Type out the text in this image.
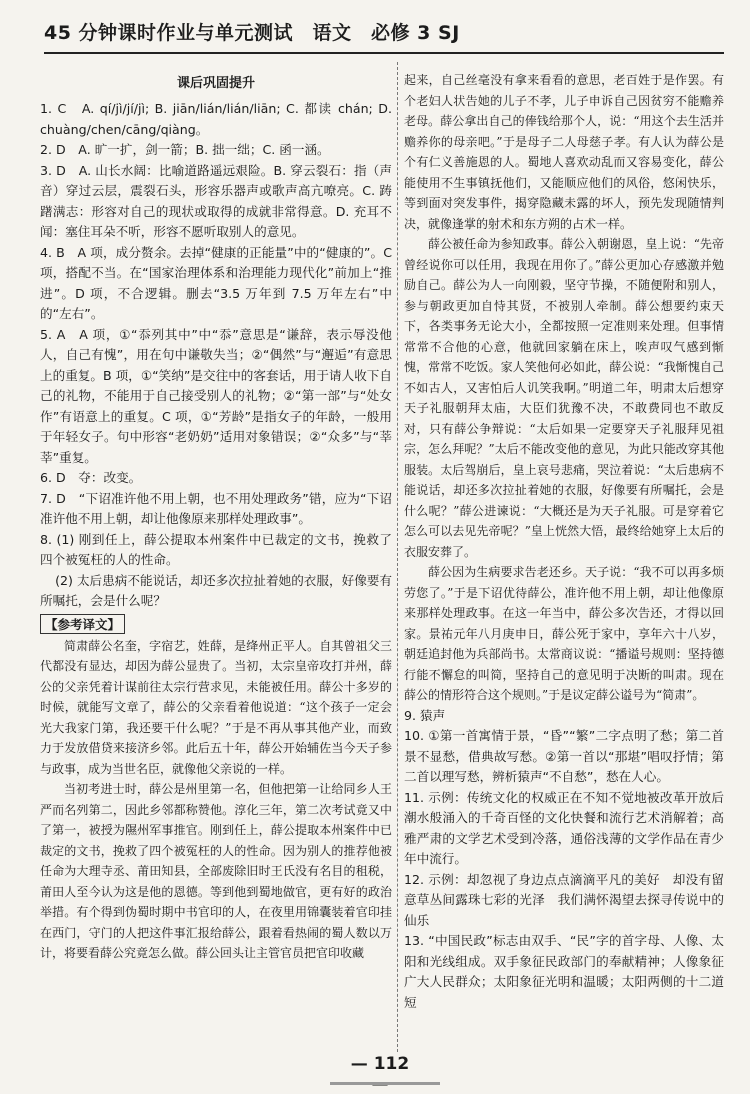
45 分钟课时作业与单元测试　语文　必修 3 SJ
课后巩固提升

1. C　A. qí/jì/jí/jì; B. jiān/lián/lián/liān; C. 都读 chán; D. chuàng/chen/cāng/qiàng。

2. D　A. 旷一扩，剑一箭；B. 拙一绌；C. 函一涵。

3. D　A. 山长水阔：比喻道路遥远艰险。B. 穿云裂石：指（声音）穿过云层，震裂石头，形容乐器声或歌声高亢嘹亮。C. 踌躇满志：形容对自己的现状或取得的成就非常得意。D. 充耳不闻：塞住耳朵不听，形容不愿听取别人的意见。

4. B　A 项，成分赘余。去掉“健康的正能量”中的“健康的”。C 项，搭配不当。在“国家治理体系和治理能力现代化”前加上“推进”。D 项，不合逻辑。删去“3.5 万年到 7.5 万年左右”中的“左右”。

5. A　A 项，①“忝列其中”中“忝”意思是“谦辞，表示辱没他人，自己有愧”，用在句中谦敬失当；②“偶然”与“邂逅”有意思上的重复。B 项，①“笑纳”是交往中的客套话，用于请人收下自己的礼物，不能用于自己接受别人的礼物；②“第一部”与“处女作”有语意上的重复。C 项，①“芳龄”是指女子的年龄，一般用于年轻女子。句中形容“老奶奶”适用对象错误；②“众多”与“莘莘”重复。

6. D　夺：改变。

7. D　“下诏准许他不用上朝，也不用处理政务”错，应为“下诏准许他不用上朝，却让他像原来那样处理政事”。

8. (1) 刚到任上，薛公提取本州案件中已裁定的文书，挽救了四个被冤枉的人的性命。

(2) 太后患病不能说话，却还多次拉扯着她的衣服，好像要有所嘱托，会是什么呢？

【参考译文】

简肃薛公名奎，字宿艺，姓薛，是绛州正平人。自其曾祖父三代都没有显达，却因为薛公显贵了。当初，太宗皇帝攻打并州，薛公的父亲凭着计谋前往太宗行营求见，未能被任用。薛公十多岁的时候，就能写文章了，薛公的父亲看着他说道：“这个孩子一定会光大我家门第，我还要干什么呢？”于是不再从事其他产业，而致力于发放借贷来接济乡邻。此后五十年，薛公开始辅佐当今天子参与政事，成为当世名臣，就像他父亲说的一样。

当初考进士时，薛公是州里第一名，但他把第一让给同乡人王严而名列第二，因此乡邻都称赞他。淳化三年，第二次考试竟又中了第一，被授为隰州军事推官。刚到任上，薛公提取本州案件中已裁定的文书，挽救了四个被冤枉的人的性命。因为别人的推荐他被任命为大理寺丞、莆田知县，全部废除旧时王氏没有名目的租税，莆田人至今认为这是他的恩德。等到他到蜀地做官，更有好的政治举措。有个得到伪蜀时期中书官印的人，在夜里用锦囊装着官印挂在西门，守门的人把这件事汇报给薛公，跟着看热闹的蜀人数以万计，将要看薛公究竟怎么做。薛公回头让主管官员把官印收藏

起来，自己丝毫没有拿来看看的意思，老百姓于是作罢。有个老妇人状告她的儿子不孝，儿子申诉自己因贫穷不能赡养老母。薛公拿出自己的俸钱给那个人，说：“用这个去生活并赡养你的母亲吧。”于是母子二人母慈子孝。有人认为薛公是个有仁义善施恩的人。蜀地人喜欢动乱而又容易变化，薛公能使用不生事镇抚他们，又能顺应他们的风俗，悠闲快乐，等到面对突发事件，揭穿隐藏未露的坏人，预先发现随情判决，就像逢掌的射术和东方朔的占术一样。

薛公被任命为参知政事。薛公入朝谢恩，皇上说：“先帝曾经说你可以任用，我现在用你了。”薛公更加心存感激并勉励自己。薛公为人一向刚毅，坚守节操，不随便附和别人，参与朝政更加自恃其贤，不被别人牵制。薛公想要约束天下，各类事务无论大小，全都按照一定准则来处理。但事情常常不合他的心意，他就回家躺在床上，唉声叹气感到惭愧，常常不吃饭。家人笑他何必如此，薛公说：“我惭愧自己不如古人，又害怕后人讥笑我啊。”明道二年，明肃太后想穿天子礼服朝拜太庙，大臣们犹豫不决，不敢费同也不敢反对，只有薛公争辩说：“太后如果一定要穿天子礼服拜见祖宗，怎么拜呢？”太后不能改变他的意见，为此只能改穿其他服装。太后驾崩后，皇上哀号悲痛，哭泣着说：“太后患病不能说话，却还多次拉扯着她的衣服，好像要有所嘱托，会是什么呢？”薛公进谏说：“大概还是为天子礼服。可是穿着它怎么可以去见先帝呢？”皇上恍然大悟，最终给她穿上太后的衣服安葬了。

薛公因为生病要求告老还乡。天子说：“我不可以再多烦劳您了。”于是下诏优待薛公，准许他不用上朝，却让他像原来那样处理政事。在这一年当中，薛公多次告还，才得以回家。景祐元年八月庚申日，薛公死于家中，享年六十八岁，朝廷追封他为兵部尚书。太常商议说：“播谥号规则：坚持德行能不懈怠的叫简，坚持自己的意见明于决断的叫肃。现在薛公的情形符合这个规则。”于是议定薛公谥号为“简肃”。

9. 猿声

10. ①第一首寓情于景，“昏”“繁”二字点明了愁；第二首景不显愁，借典故写愁。②第一首以“那堪”唱叹抒情；第二首以理写愁，辨析猿声“不自愁”，愁在人心。

11. 示例：传统文化的权威正在不知不觉地被改革开放后潮水般涌入的千奇百怪的文化快餐和流行艺术消解着；高雅严肃的文学艺术受到冷落，通俗浅薄的文学作品在青少年中流行。

12. 示例：却忽视了身边点点滴滴平凡的美好　却没有留意草丛间露珠七彩的光泽　我们满怀渴望去探寻传说中的仙乐

13. “中国民政”标志由双手、“民”字的首字母、人像、太阳和光线组成。双手象征民政部门的奉献精神；人像象征广大人民群众；太阳象征光明和温暖；太阳两侧的十二道短

— 112
